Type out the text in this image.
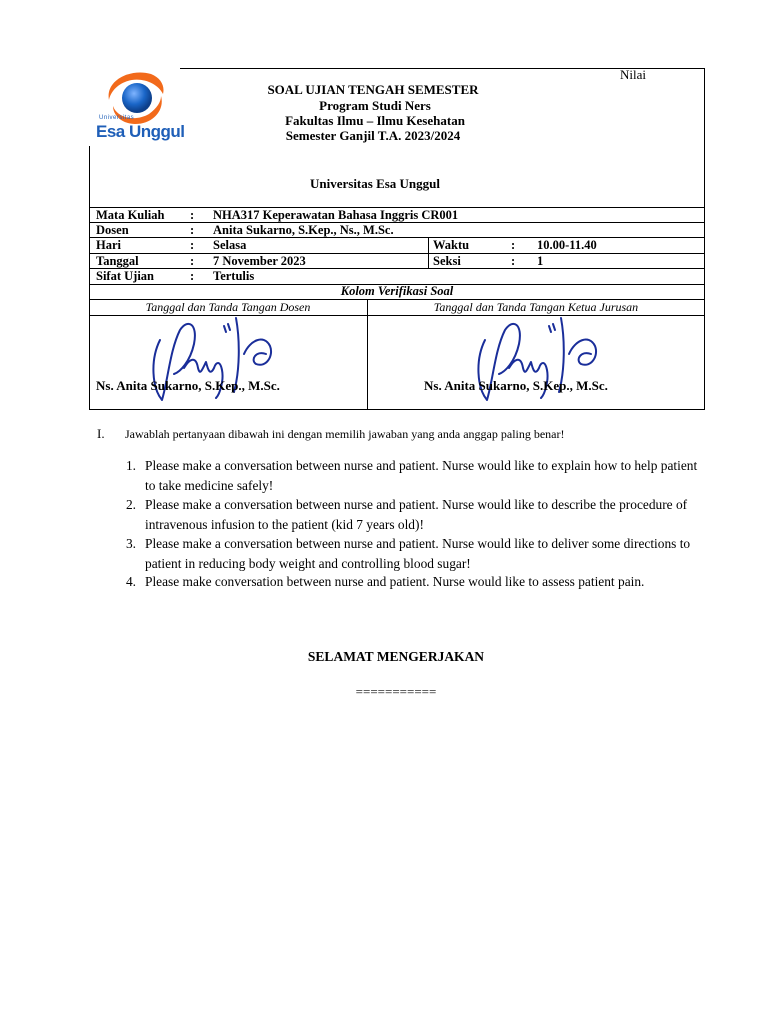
Universitas
Esa Unggul
Nilai
SOAL UJIAN TENGAH SEMESTER
Program Studi Ners
Fakultas Ilmu – Ilmu Kesehatan
Semester Ganjil T.A. 2023/2024
Universitas Esa Unggul
Mata Kuliah : NHA317 Keperawatan Bahasa Inggris CR001
Dosen	: Anita Sukarno, S.Kep., Ns., M.Sc.
Hari	: Selasa	Waktu	: 10.00-11.40
Tanggal	: 7 November 2023	Seksi	: 1
Sifat Ujian	: Tertulis
Kolom Verifikasi Soal
Tanggal dan Tanda Tangan Dosen	Tanggal dan Tanda Tangan Ketua Jurusan
Ns. Anita Sukarno, S.Kep., M.Sc.	Ns. Anita Sukarno, S.Kep., M.Sc.
I. Jawablah pertanyaan dibawah ini dengan memilih jawaban yang anda anggap paling benar!
1. Please make a conversation between nurse and patient. Nurse would like to explain how to help patient to take medicine safely!
2. Please make a conversation between nurse and patient. Nurse would like to describe the procedure of intravenous infusion to the patient (kid 7 years old)!
3. Please make a conversation between nurse and patient. Nurse would like to deliver some directions to patient in reducing body weight and controlling blood sugar!
4. Please make conversation between nurse and patient. Nurse would like to assess patient pain.
SELAMAT MENGERJAKAN
===========
